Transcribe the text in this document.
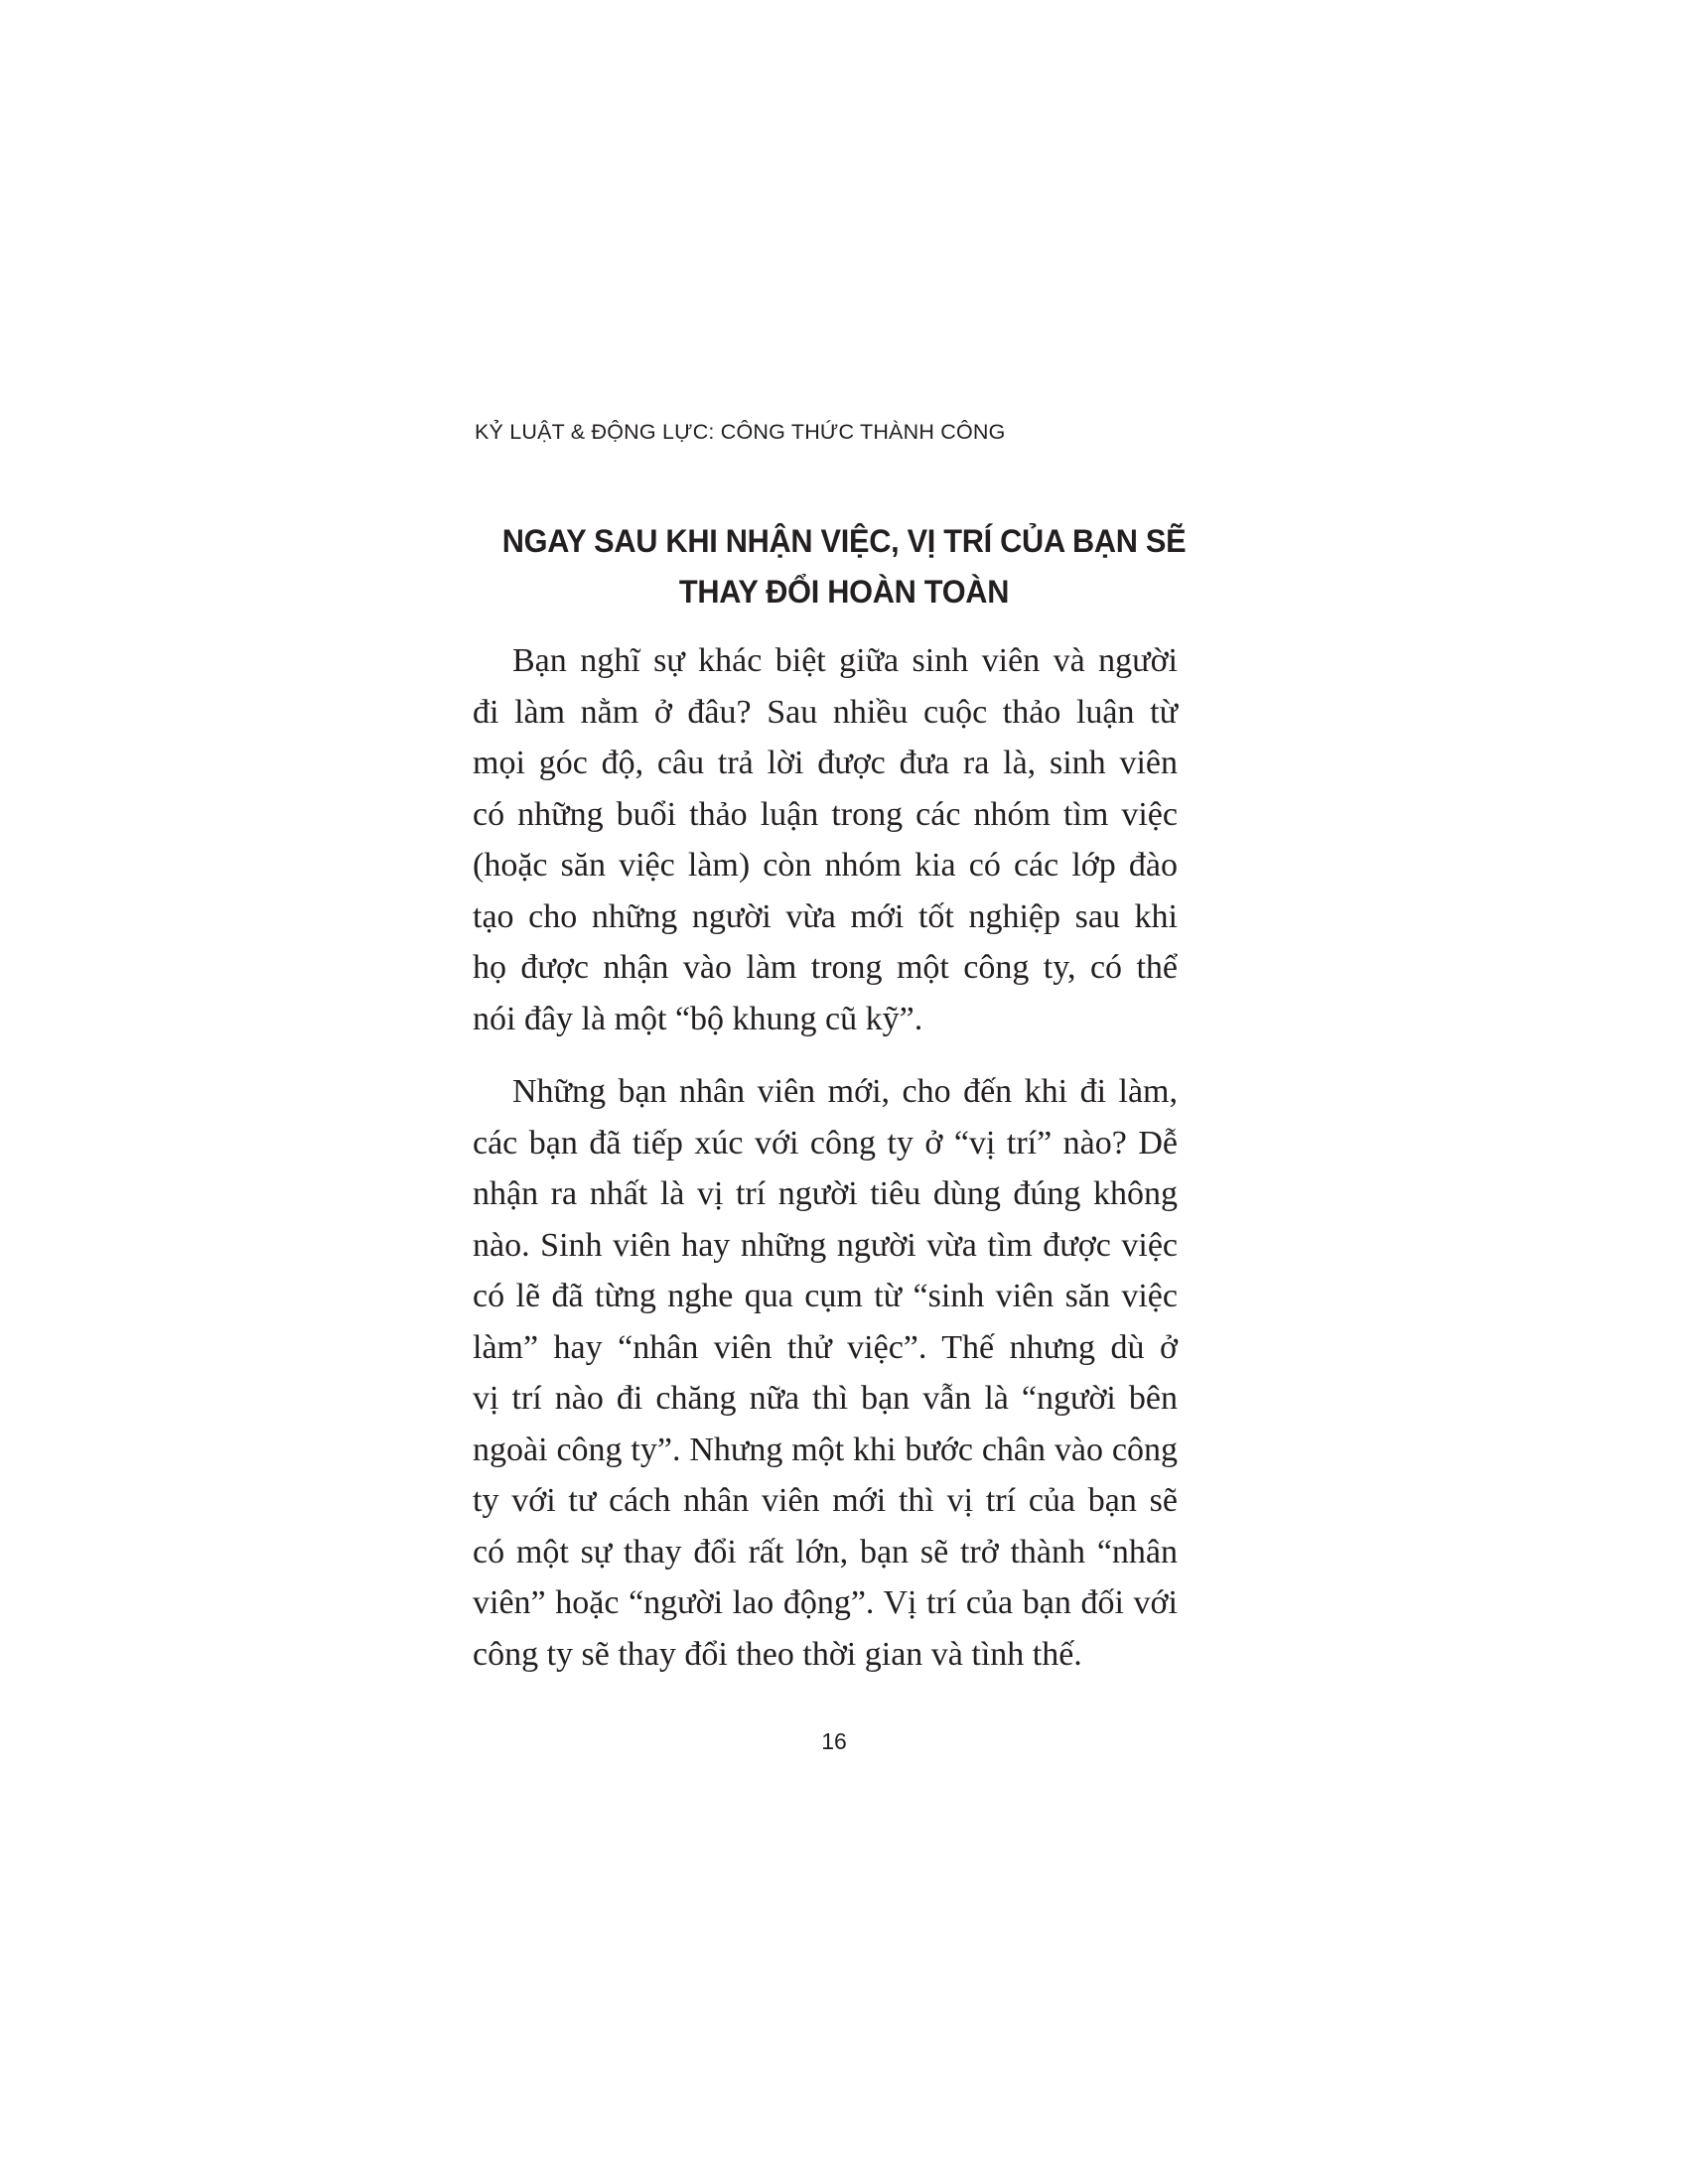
KỶ LUẬT & ĐỘNG LỰC: CÔNG THỨC THÀNH CÔNG
NGAY SAU KHI NHẬN VIỆC, VỊ TRÍ CỦA BẠN SẼ
THAY ĐỔI HOÀN TOÀN

Bạn nghĩ sự khác biệt giữa sinh viên và người
đi làm nằm ở đâu? Sau nhiều cuộc thảo luận từ
mọi góc độ, câu trả lời được đưa ra là, sinh viên
có những buổi thảo luận trong các nhóm tìm việc
(hoặc săn việc làm) còn nhóm kia có các lớp đào
tạo cho những người vừa mới tốt nghiệp sau khi
họ được nhận vào làm trong một công ty, có thể
nói đây là một “bộ khung cũ kỹ”.

Những bạn nhân viên mới, cho đến khi đi làm,
các bạn đã tiếp xúc với công ty ở “vị trí” nào? Dễ
nhận ra nhất là vị trí người tiêu dùng đúng không
nào. Sinh viên hay những người vừa tìm được việc
có lẽ đã từng nghe qua cụm từ “sinh viên săn việc
làm” hay “nhân viên thử việc”. Thế nhưng dù ở
vị trí nào đi chăng nữa thì bạn vẫn là “người bên
ngoài công ty”. Nhưng một khi bước chân vào công
ty với tư cách nhân viên mới thì vị trí của bạn sẽ
có một sự thay đổi rất lớn, bạn sẽ trở thành “nhân
viên” hoặc “người lao động”. Vị trí của bạn đối với
công ty sẽ thay đổi theo thời gian và tình thế.

16
